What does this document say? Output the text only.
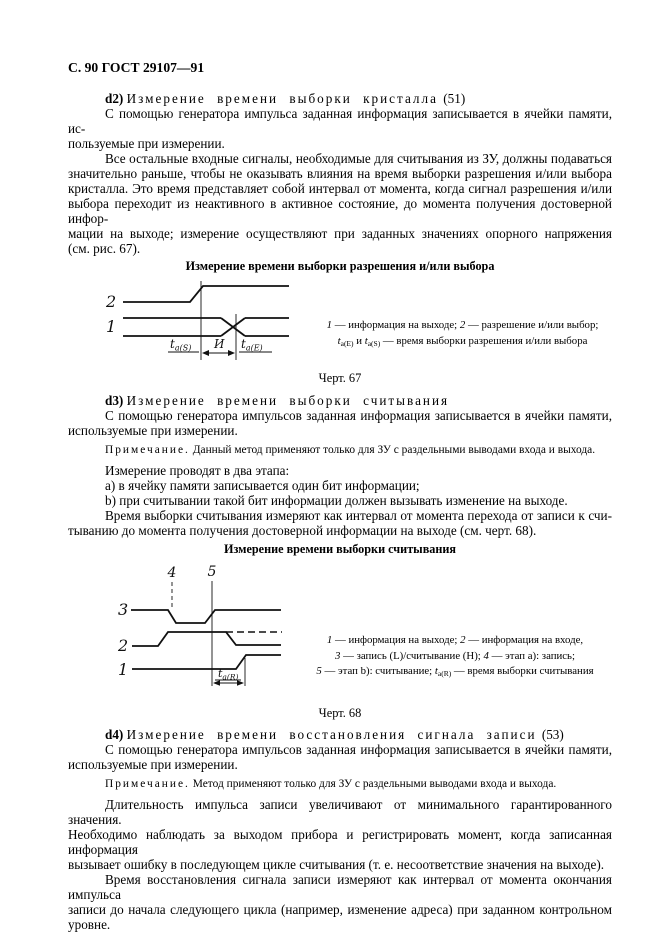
С. 90 ГОСТ 29107—91
d2) Измерение времени выборки кристалла (51)
С помощью генератора импульса заданная информация записывается в ячейки памяти, ис-
пользуемые при измерении.
Все остальные входные сигналы, необходимые для считывания из ЗУ, должны подаваться
значительно раньше, чтобы не оказывать влияния на время выборки разрешения и/или выбора
кристалла. Это время представляет собой интервал от момента, когда сигнал разрешения и/или
выбора переходит из неактивного в активное состояние, до момента получения достоверной инфор-
мации на выходе; измерение осуществляют при заданных значениях опорного напряжения
(см. рис. 67).
Измерение времени выборки разрешения и/или выбора
2
1
$t_{a(S)}$ И $t_{a(E)}$
1 — информация на выходе; 2 — разрешение и/или выбор;
$t_{a(E)}$ и $t_{a(S)}$ — время выборки разрешения и/или выбора
Черт. 67
d3) Измерение времени выборки считывания
С помощью генератора импульсов заданная информация записывается в ячейки памяти,
используемые при измерении.
Примечание. Данный метод применяют только для ЗУ с раздельными выводами входа и выхода.
Измерение проводят в два этапа:
a) в ячейку памяти записывается один бит информации;
b) при считывании такой бит информации должен вызывать изменение на выходе.
Время выборки считывания измеряют как интервал от момента перехода от записи к счи-
тыванию до момента получения достоверной информации на выходе (см. черт. 68).
Измерение времени выборки считывания
4 5
3
2
1	$t_{a(R)}$
1 — информация на выходе; 2 — информация на входе,
3 — запись (L)/считывание (H); 4 — этап a): запись;
5 — этап b): считывание; $t_{a(R)}$ — время выборки считывания
Черт. 68
d4) Измерение времени восстановления сигнала записи (53)
С помощью генератора импульсов заданная информация записывается в ячейки памяти,
используемые при измерении.
Примечание. Метод применяют только для ЗУ с раздельными выводами входа и выхода.
Длительность импульса записи увеличивают от минимального гарантированного значения.
Необходимо наблюдать за выходом прибора и регистрировать момент, когда записанная информация
вызывает ошибку в последующем цикле считывания (т. е. несоответствие значения на выходе).
Время восстановления сигнала записи измеряют как интервал от момента окончания импульса
записи до начала следующего цикла (например, изменение адреса) при заданном контрольном
уровне.
